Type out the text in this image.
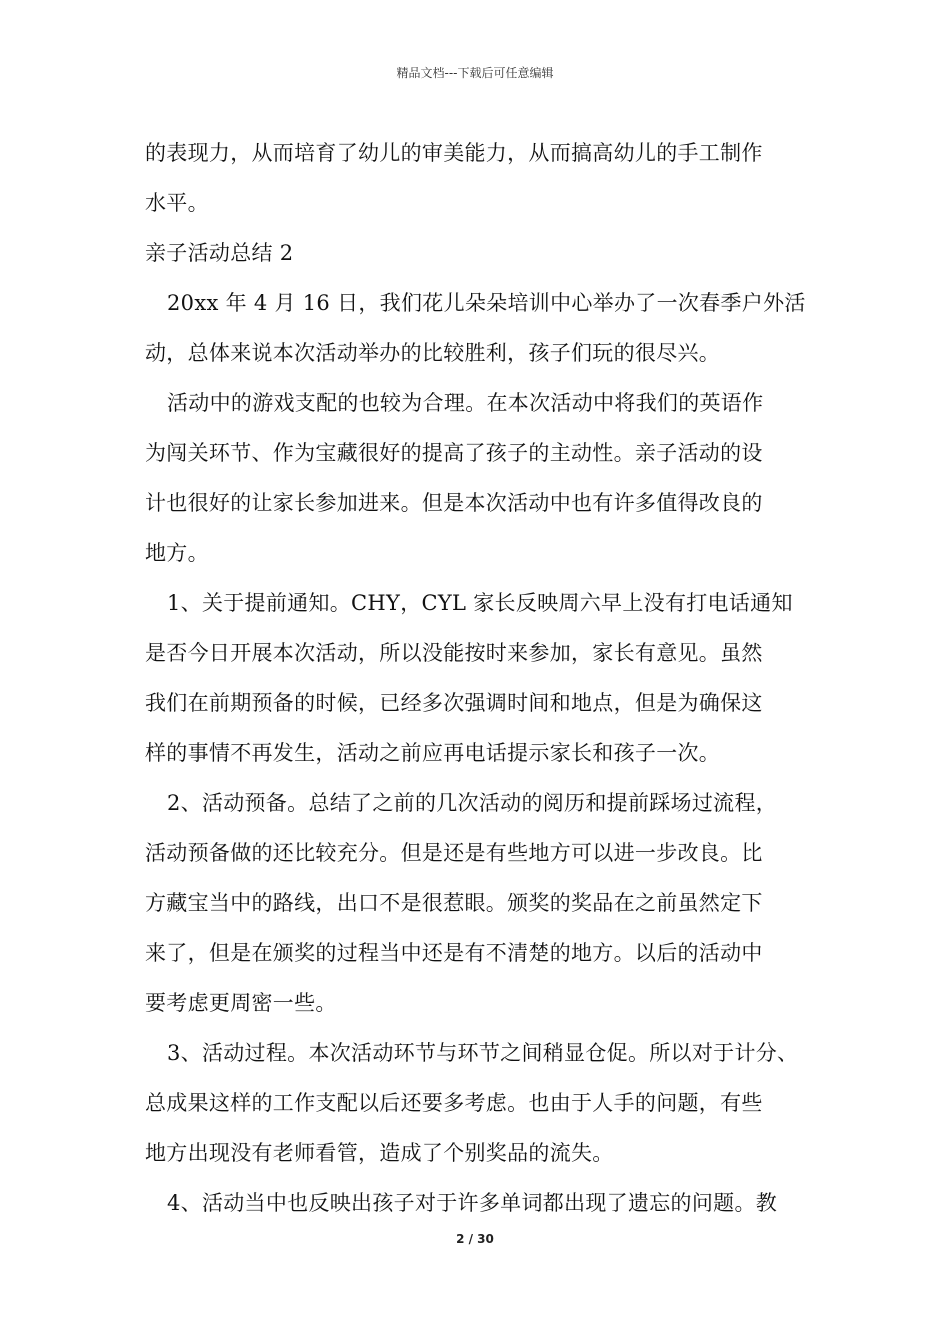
精品文档---下载后可任意编辑
的表现力，从而培育了幼儿的审美能力，从而搞高幼儿的手工制作
水平。
亲子活动总结 2
20xx 年 4 月 16 日，我们花儿朵朵培训中心举办了一次春季户外活
动，总体来说本次活动举办的比较胜利，孩子们玩的很尽兴。
活动中的游戏支配的也较为合理。在本次活动中将我们的英语作
为闯关环节、作为宝藏很好的提高了孩子的主动性。亲子活动的设
计也很好的让家长参加进来。但是本次活动中也有许多值得改良的
地方。
1、关于提前通知。CHY，CYL 家长反映周六早上没有打电话通知
是否今日开展本次活动，所以没能按时来参加，家长有意见。虽然
我们在前期预备的时候，已经多次强调时间和地点，但是为确保这
样的事情不再发生，活动之前应再电话提示家长和孩子一次。
2、活动预备。总结了之前的几次活动的阅历和提前踩场过流程，
活动预备做的还比较充分。但是还是有些地方可以进一步改良。比
方藏宝当中的路线，出口不是很惹眼。颁奖的奖品在之前虽然定下
来了，但是在颁奖的过程当中还是有不清楚的地方。以后的活动中
要考虑更周密一些。
3、活动过程。本次活动环节与环节之间稍显仓促。所以对于计分、
总成果这样的工作支配以后还要多考虑。也由于人手的问题，有些
地方出现没有老师看管，造成了个别奖品的流失。
4、活动当中也反映出孩子对于许多单词都出现了遗忘的问题。教
2 / 30
